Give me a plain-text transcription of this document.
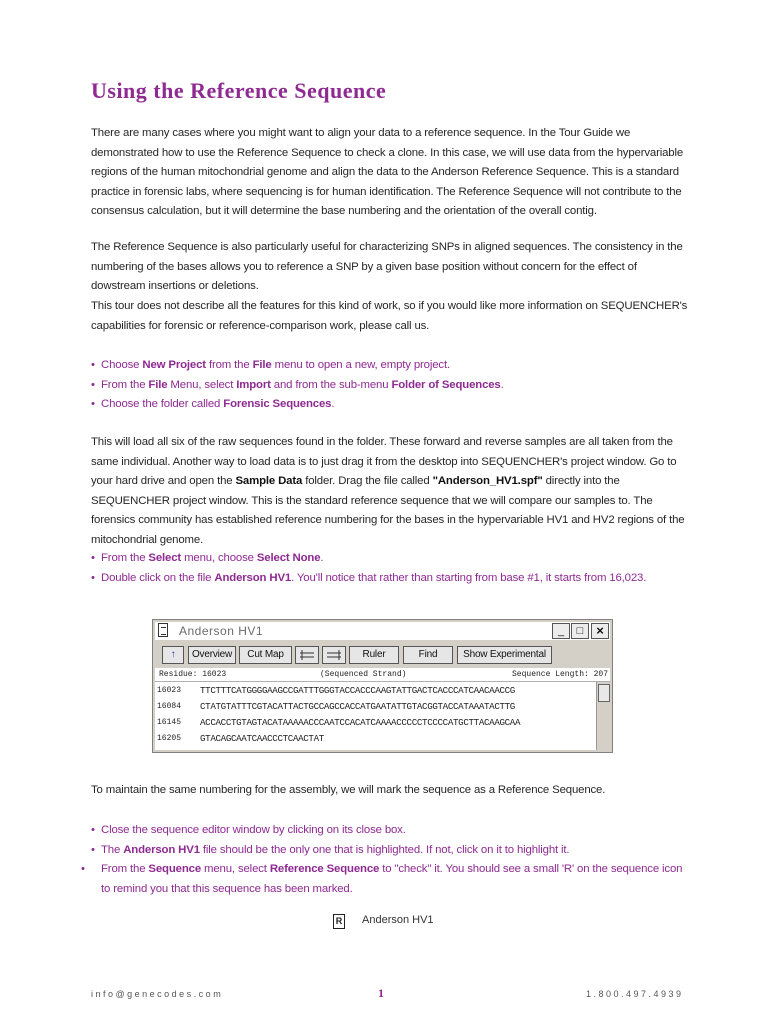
Using the Reference Sequence

There are many cases where you might want to align your data to a reference sequence. In the Tour Guide we demonstrated how to use the Reference Sequence to check a clone. In this case, we will use data from the hypervariable regions of the human mitochondrial genome and align the data to the Anderson Reference Sequence. This is a standard practice in forensic labs, where sequencing is for human identification. The Reference Sequence will not contribute to the consensus calculation, but it will determine the base numbering and the orientation of the overall contig.

The Reference Sequence is also particularly useful for characterizing SNPs in aligned sequences. The consistency in the numbering of the bases allows you to reference a SNP by a given base position without concern for the effect of dowstream insertions or deletions.

This tour does not describe all the features for this kind of work, so if you would like more information on SEQUENCHER's capabilities for forensic or reference-comparison work, please call us.

• Choose New Project from the File menu to open a new, empty project.
• From the File Menu, select Import and from the sub-menu Folder of Sequences.
• Choose the folder called Forensic Sequences.

This will load all six of the raw sequences found in the folder. These forward and reverse samples are all taken from the same individual. Another way to load data is to just drag it from the desktop into SEQUENCHER's project window. Go to your hard drive and open the Sample Data folder. Drag the file called "Anderson_HV1.spf" directly into the SEQUENCHER project window. This is the standard reference sequence that we will compare our samples to. The forensics community has established reference numbering for the bases in the hypervariable HV1 and HV2 regions of the mitochondrial genome.

• From the Select menu, choose Select None.
• Double click on the file Anderson HV1. You'll notice that rather than starting from base #1, it starts from 16,023.
Anderson HV1	_	□ ×
↑	Overview	Cut Map	Ruler	Find	Show Experimental
Residue: 16023	(Sequenced Strand)	Sequence Length: 207
16023 TTCTTTCATGGGGAAGCCGATTTGGGTACCACCCAAGTATTGACTCACCCATCAACAACCG
16084 CTATGTATTTCGTACATTACTGCCAGCCACCATGAATATTGTACGGTACCATAAATACTTG
16145 ACCACCTGTAGTACATAAAAACCCAATCCACATCAAAACCCCCTCCCCATGCTTACAAGCAA
16205 GTACAGCAATCAACCCTCAACTAT

To maintain the same numbering for the assembly, we will mark the sequence as a Reference Sequence.

• Close the sequence editor window by clicking on its close box.
• The Anderson HV1 file should be the only one that is highlighted. If not, click on it to highlight it.
• From the Sequence menu, select Reference Sequence to "check" it. You should see a small 'R' on the sequence icon to remind you that this sequence has been marked.
R Anderson HV1
info@genecodes.com	1	1.800.497.4939
